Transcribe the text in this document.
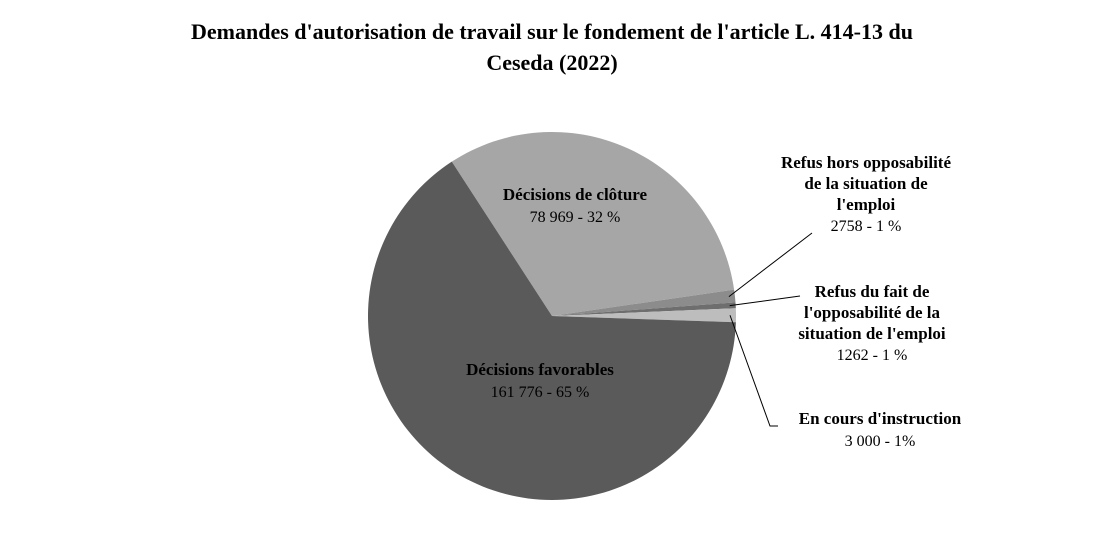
Demandes d'autorisation de travail sur le fondement de l'article L. 414-13 du
Ceseda (2022)
Décisions de clôture 78 969 - 32 %
Refus hors opposabilité de la situation de l'emploi 2758 - 1 %
Refus du fait de l'opposabilité de la situation de l'emploi 1262 - 1 %
En cours d'instruction 3 000 - 1%
Décisions favorables 161 776 - 65 %
